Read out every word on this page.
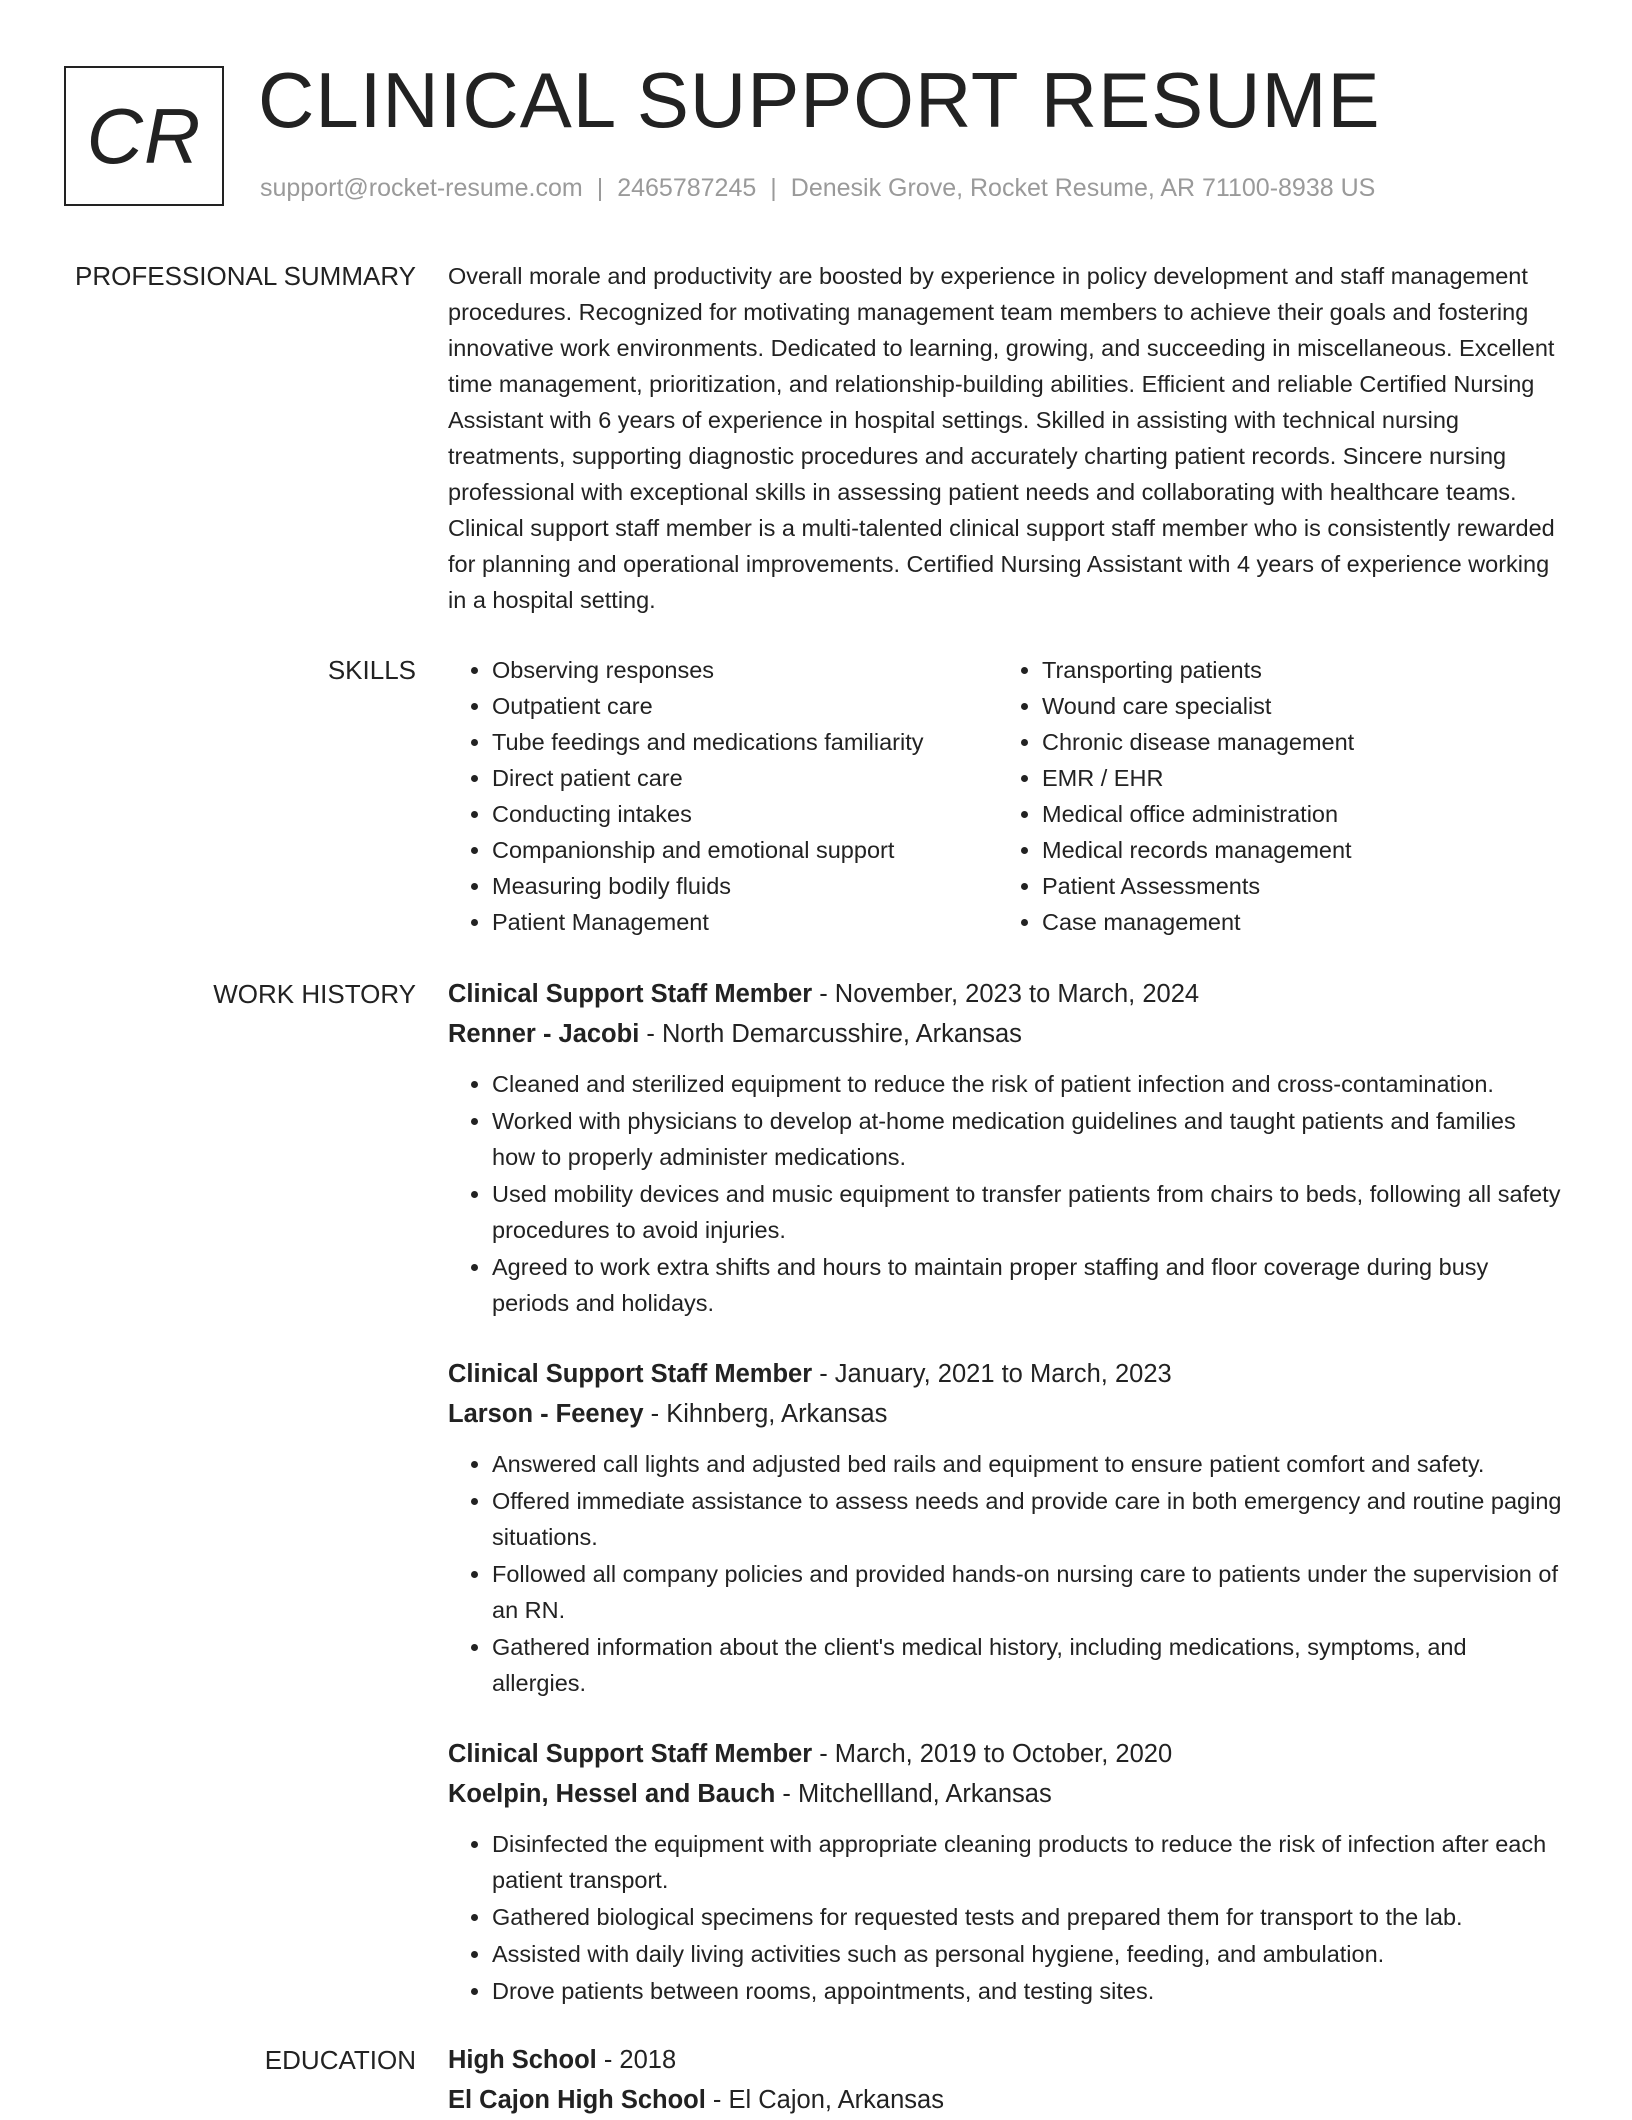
CR CLINICAL SUPPORT RESUME
support@rocket-resume.com | 2465787245 | Denesik Grove, Rocket Resume, AR 71100-8938 US
PROFESSIONAL SUMMARY Overall morale and productivity are boosted by experience in policy development and staff management procedures. Recognized for motivating management team members to achieve their goals and fostering innovative work environments. Dedicated to learning, growing, and succeeding in miscellaneous. Excellent time management, prioritization, and relationship-building abilities. Efficient and reliable Certified Nursing Assistant with 6 years of experience in hospital settings. Skilled in assisting with technical nursing treatments, supporting diagnostic procedures and accurately charting patient records. Sincere nursing professional with exceptional skills in assessing patient needs and collaborating with healthcare teams. Clinical support staff member is a multi-talented clinical support staff member who is consistently rewarded for planning and operational improvements. Certified Nursing Assistant with 4 years of experience working in a hospital setting.

SKILLS
•	Observing responses
• Outpatient care
• Tube feedings and medications familiarity
• Direct patient care
• Conducting intakes
• Companionship and emotional support
• Measuring bodily fluids
• Patient Management
• Transporting patients
• Wound care specialist
• Chronic disease management
• EMR / EHR
• Medical office administration
• Medical records management
• Patient Assessments
• Case management
WORK HISTORY Clinical Support Staff Member - November, 2023 to March, 2024
Renner - Jacobi - North Demarcusshire, Arkansas
• Cleaned and sterilized equipment to reduce the risk of patient infection and cross-contamination.
• Worked with physicians to develop at-home medication guidelines and taught patients and families how to properly administer medications.
• Used mobility devices and music equipment to transfer patients from chairs to beds, following all safety procedures to avoid injuries.
• Agreed to work extra shifts and hours to maintain proper staffing and floor coverage during busy periods and holidays.
Clinical Support Staff Member - January, 2021 to March, 2023
Larson - Feeney - Kihnberg, Arkansas
• Answered call lights and adjusted bed rails and equipment to ensure patient comfort and safety.
• Offered immediate assistance to assess needs and provide care in both emergency and routine paging situations.
• Followed all company policies and provided hands-on nursing care to patients under the supervision of an RN.
• Gathered information about the client's medical history, including medications, symptoms, and allergies.
Clinical Support Staff Member - March, 2019 to October, 2020
Koelpin, Hessel and Bauch - Mitchellland, Arkansas
• Disinfected the equipment with appropriate cleaning products to reduce the risk of infection after each patient transport.
• Gathered biological specimens for requested tests and prepared them for transport to the lab.
• Assisted with daily living activities such as personal hygiene, feeding, and ambulation.
• Drove patients between rooms, appointments, and testing sites.
EDUCATION High School - 2018
El Cajon High School - El Cajon, Arkansas
